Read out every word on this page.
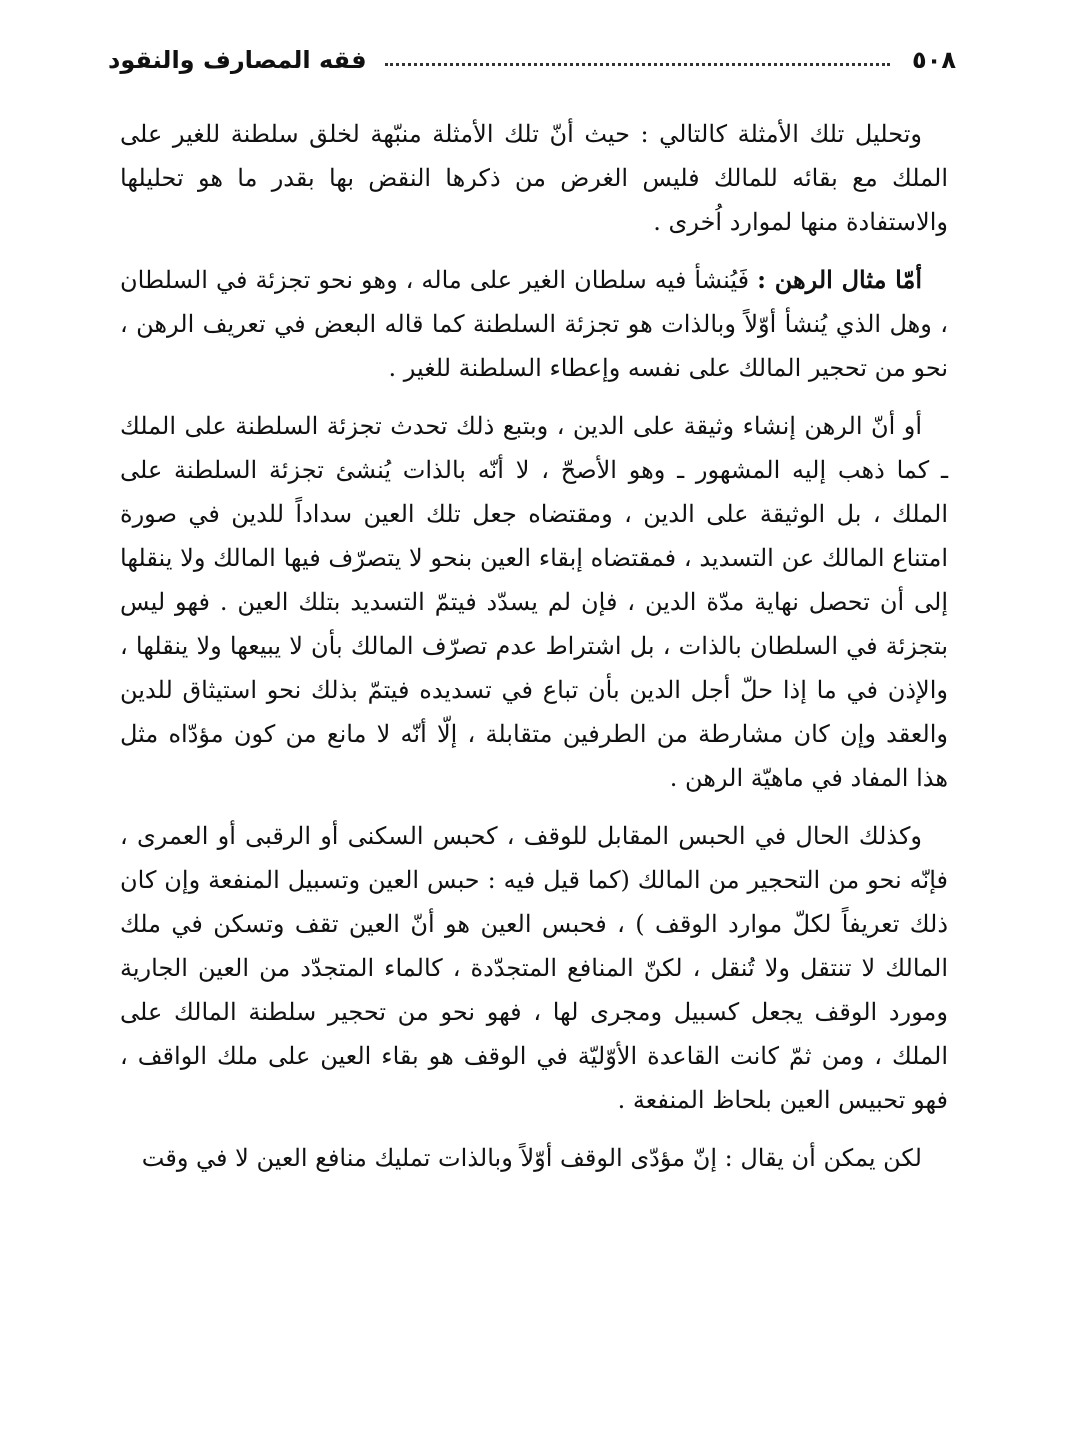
٥٠٨
فقه المصارف والنقود

وتحليل تلك الأمثلة كالتالي : حيث أنّ تلك الأمثلة منبّهة لخلق سلطنة للغير على الملك مع بقائه للمالك فليس الغرض من ذكرها النقض بها بقدر ما هو تحليلها والاستفادة منها لموارد اُخرى .

أمّا مثال الرهن : فَيُنشأ فيه سلطان الغير على ماله ، وهو نحو تجزئة في السلطان ، وهل الذي يُنشأ أوّلاً وبالذات هو تجزئة السلطنة كما قاله البعض في تعريف الرهن ، نحو من تحجير المالك على نفسه وإعطاء السلطنة للغير .

أو أنّ الرهن إنشاء وثيقة على الدين ، وبتبع ذلك تحدث تجزئة السلطنة على الملك ـ كما ذهب إليه المشهور ـ وهو الأصحّ ، لا أنّه بالذات يُنشئ تجزئة السلطنة على الملك ، بل الوثيقة على الدين ، ومقتضاه جعل تلك العين سداداً للدين في صورة امتناع المالك عن التسديد ، فمقتضاه إبقاء العين بنحو لا يتصرّف فيها المالك ولا ينقلها إلى أن تحصل نهاية مدّة الدين ، فإن لم يسدّد فيتمّ التسديد بتلك العين . فهو ليس بتجزئة في السلطان بالذات ، بل اشتراط عدم تصرّف المالك بأن لا يبيعها ولا ينقلها ، والإذن في ما إذا حلّ أجل الدين بأن تباع في تسديده فيتمّ بذلك نحو استيثاق للدين والعقد وإن كان مشارطة من الطرفين متقابلة ، إلّا أنّه لا مانع من كون مؤدّاه مثل هذا المفاد في ماهيّة الرهن .

وكذلك الحال في الحبس المقابل للوقف ، كحبس السكنى أو الرقبى أو العمرى ، فإنّه نحو من التحجير من المالك (كما قيل فيه : حبس العين وتسبيل المنفعة وإن كان ذلك تعريفاً لكلّ موارد الوقف ) ، فحبس العين هو أنّ العين تقف وتسكن في ملك المالك لا تنتقل ولا تُنقل ، لكنّ المنافع المتجدّدة ، كالماء المتجدّد من العين الجارية ومورد الوقف يجعل كسبيل ومجرى لها ، فهو نحو من تحجير سلطنة المالك على الملك ، ومن ثمّ كانت القاعدة الأوّليّة في الوقف هو بقاء العين على ملك الواقف ، فهو تحبيس العين بلحاظ المنفعة .

لكن يمكن أن يقال : إنّ مؤدّى الوقف أوّلاً وبالذات تمليك منافع العين لا في وقت
